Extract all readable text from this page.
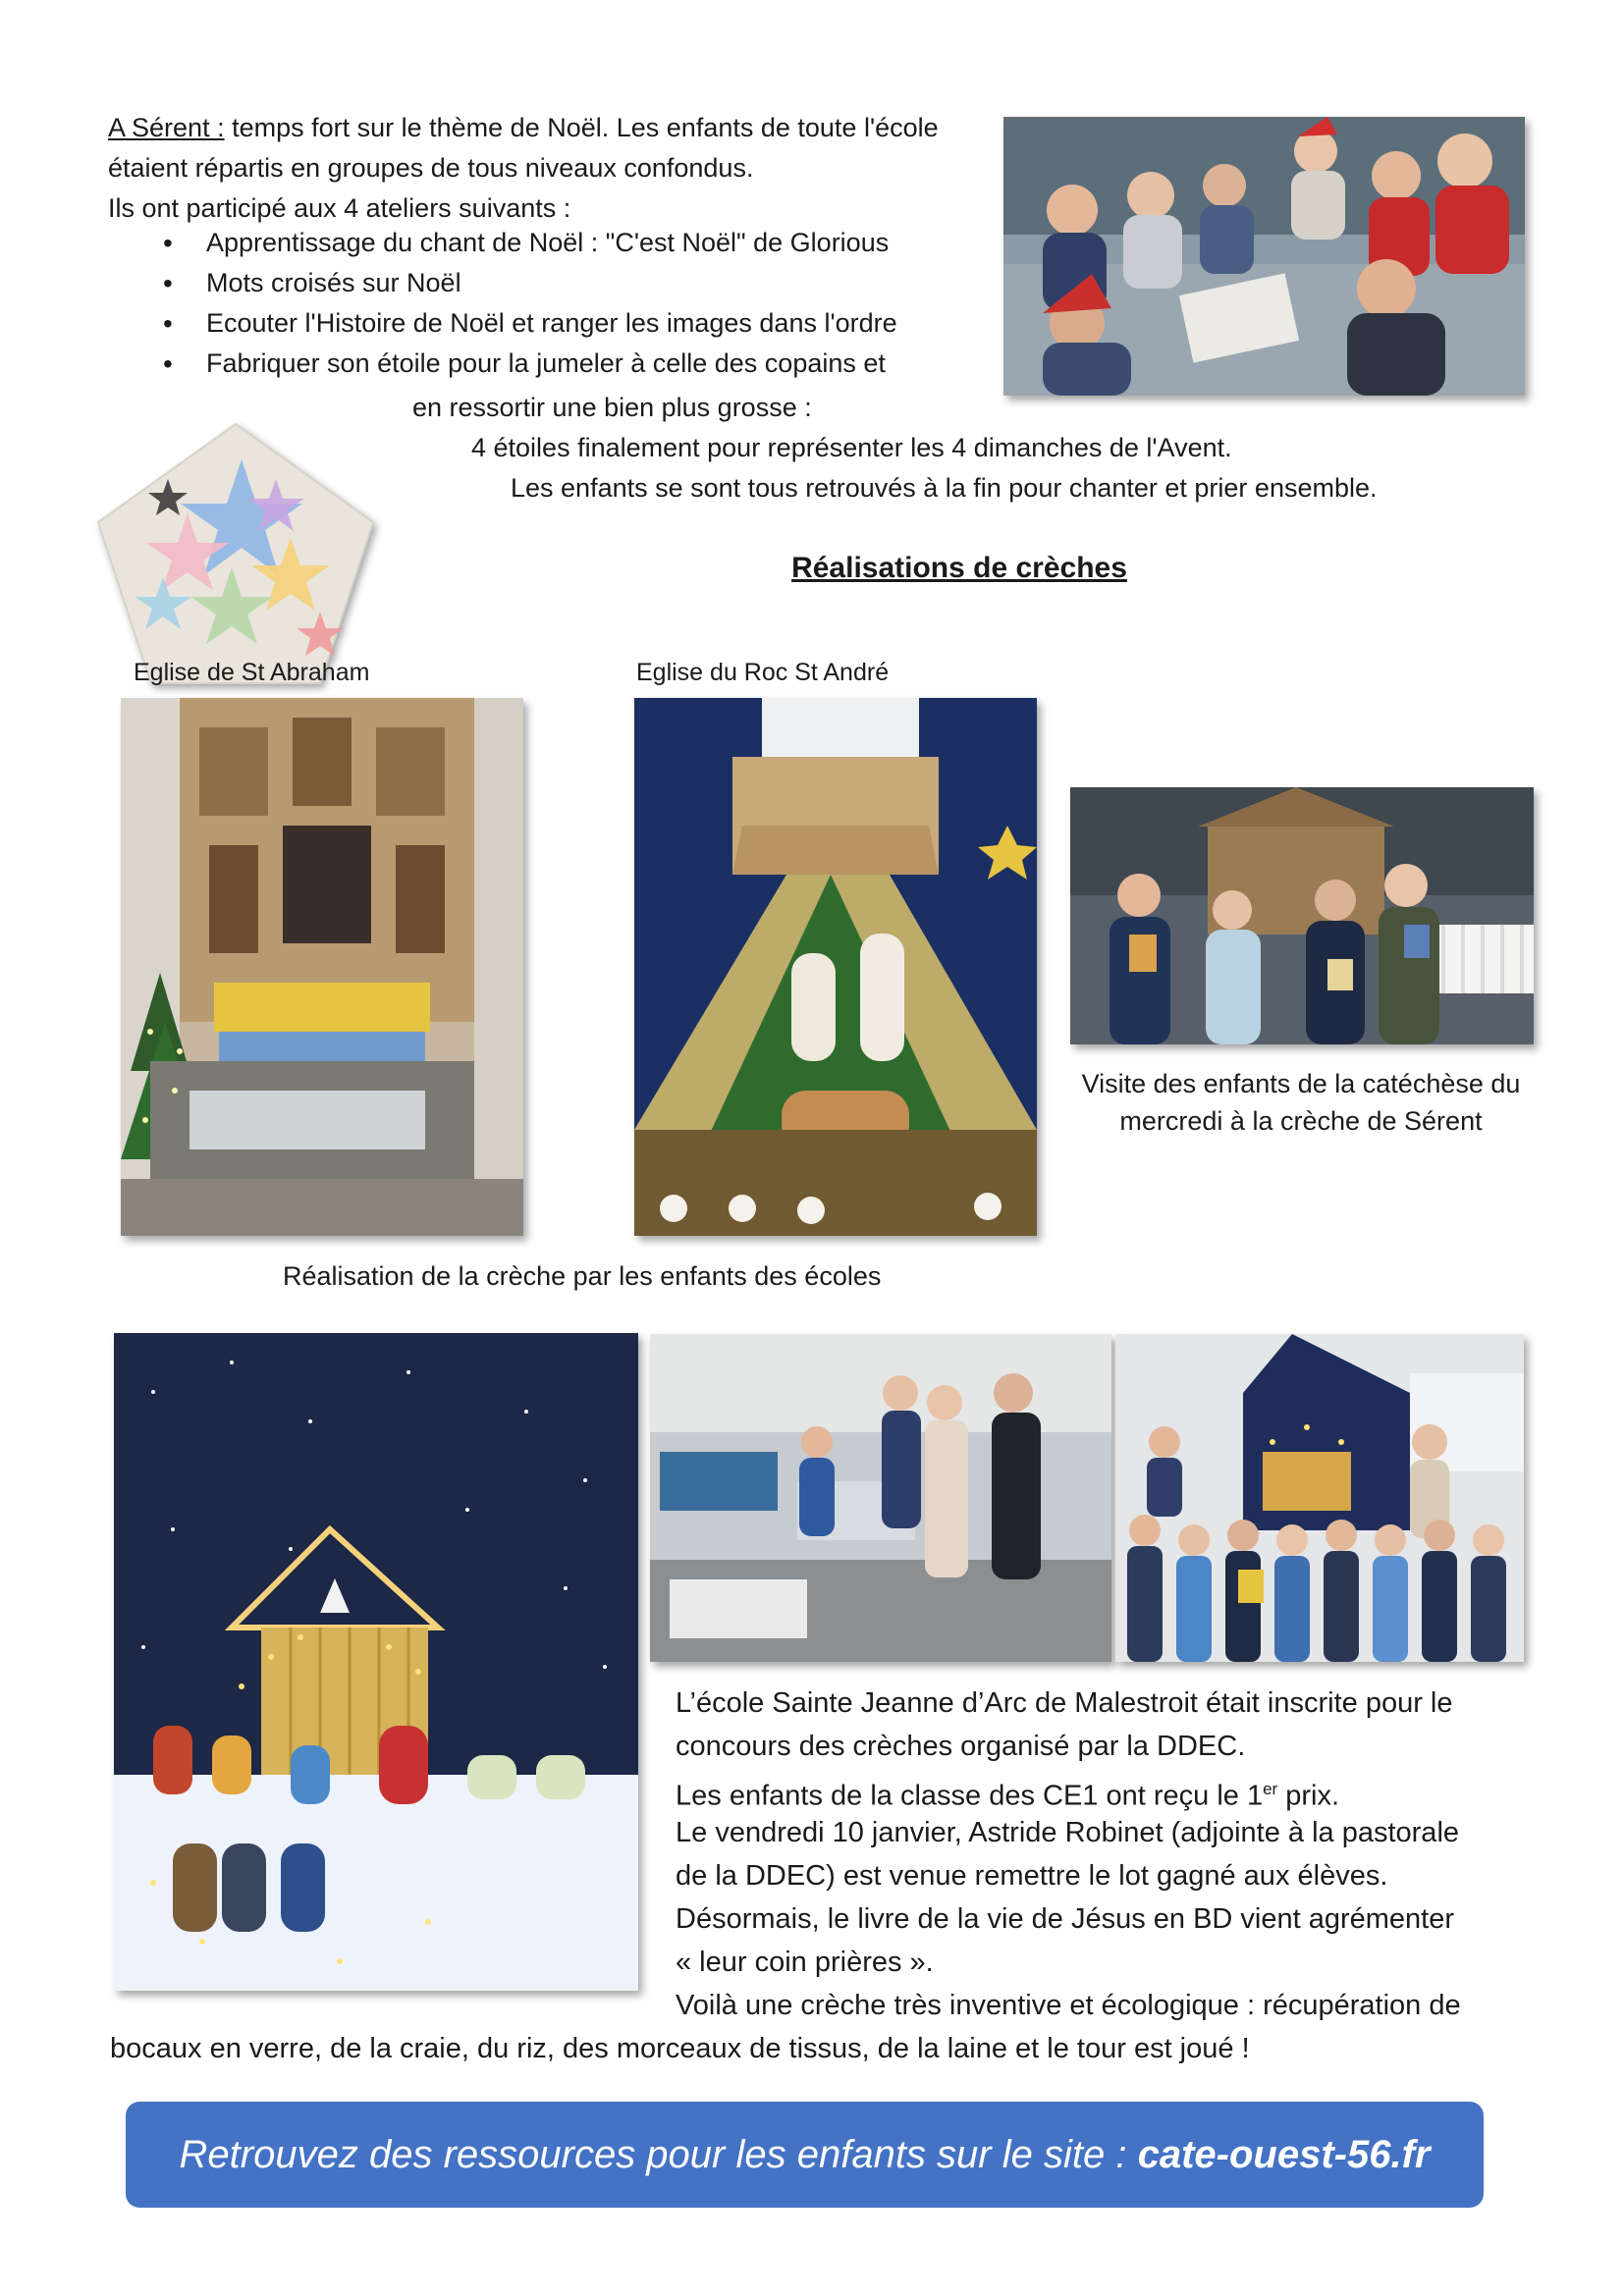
A Sérent : temps fort sur le thème de Noël. Les enfants de toute l'école
étaient répartis en groupes de tous niveaux confondus.
Ils ont participé aux 4 ateliers suivants :
• Apprentissage du chant de Noël : "C'est Noël" de Glorious
• Mots croisés sur Noël
• Ecouter l'Histoire de Noël et ranger les images dans l'ordre
• Fabriquer son étoile pour la jumeler à celle des copains et
en ressortir une bien plus grosse :
4 étoiles finalement pour représenter les 4 dimanches de l'Avent.
Les enfants se sont tous retrouvés à la fin pour chanter et prier ensemble.
Réalisations de crèches
Eglise de St Abraham	Eglise du Roc St André
Visite des enfants de la catéchèse du
mercredi à la crèche de Sérent
Réalisation de la crèche par les enfants des écoles
L’école Sainte Jeanne d’Arc de Malestroit était inscrite pour le
concours des crèches organisé par la DDEC.
Les enfants de la classe des CE1 ont reçu le 1er prix.
Le vendredi 10 janvier, Astride Robinet (adjointe à la pastorale
de la DDEC) est venue remettre le lot gagné aux élèves.
Désormais, le livre de la vie de Jésus en BD vient agrémenter
« leur coin prières ».
Voilà une crèche très inventive et écologique : récupération de
bocaux en verre, de la craie, du riz, des morceaux de tissus, de la laine et le tour est joué !
Retrouvez des ressources pour les enfants sur le site :
cate-ouest-56.fr
